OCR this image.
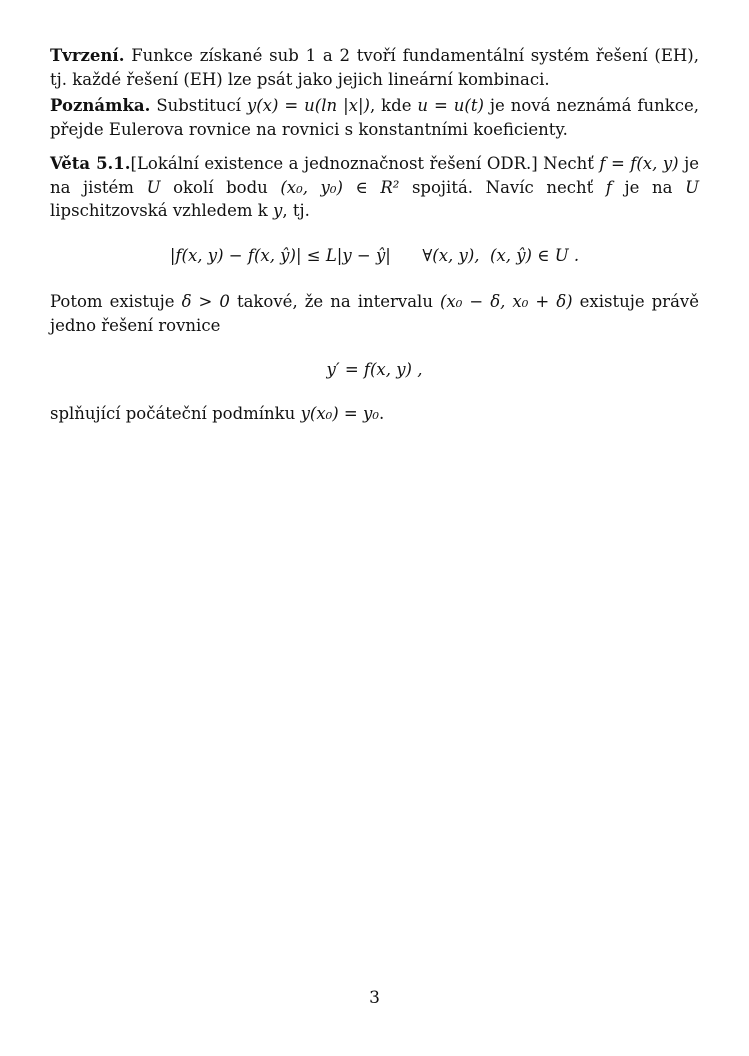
Tvrzení. Funkce získané sub 1 a 2 tvoří fundamentální systém řešení (EH), tj. každé řešení (EH) lze psát jako jejich lineární kombinaci.
Poznámka. Substitucí y(x) = u(ln |x|), kde u = u(t) je nová neznámá funkce, přejde Eulerova rovnice na rovnici s konstantními koeficienty.
Věta 5.1.[Lokální existence a jednoznačnost řešení ODR.] Nechť f = f(x, y) je na jistém U okolí bodu (x₀, y₀) ∈ R² spojitá. Navíc nechť f je na U lipschitzovská vzhledem k y, tj.
|f(x, y) − f(x, ŷ)| ≤ L|y − ŷ|      ∀(x, y),  (x, ŷ) ∈ U .
Potom existuje δ > 0 takové, že na intervalu (x₀ − δ, x₀ + δ) existuje právě jedno řešení rovnice
y′ = f(x, y) ,
splňující počáteční podmínku y(x₀) = y₀.
3
